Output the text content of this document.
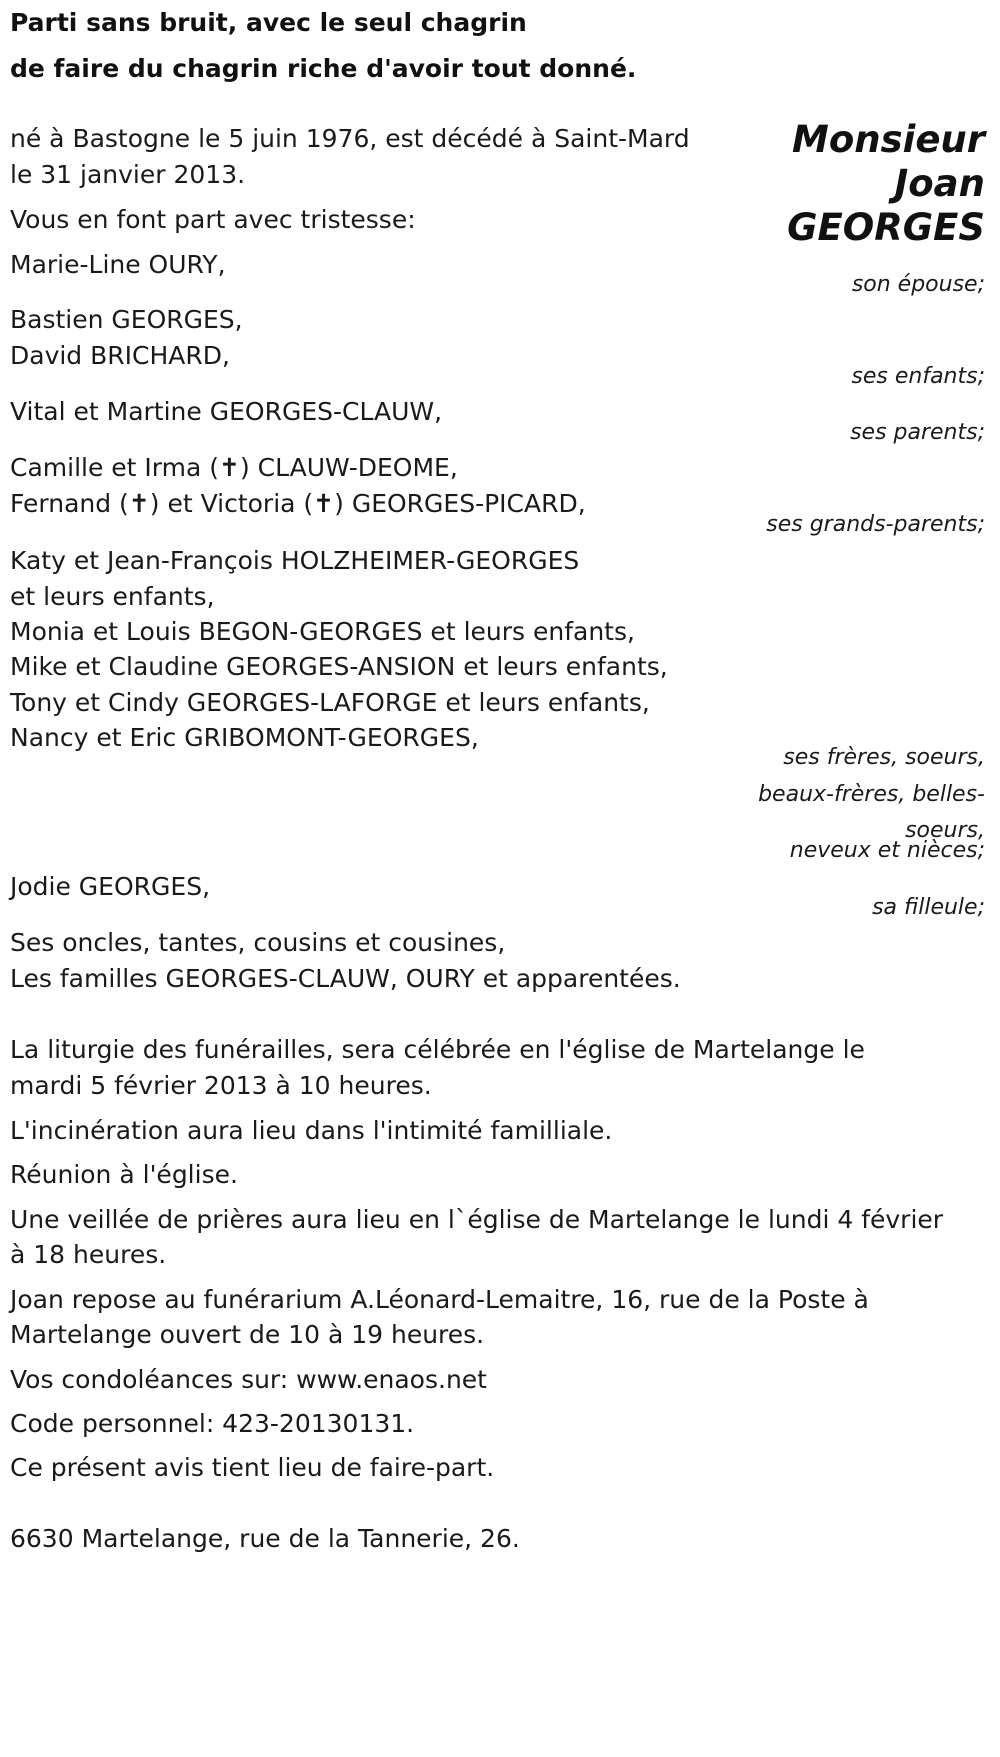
Parti sans bruit, avec le seul chagrin
de faire du chagrin riche d'avoir tout donné.
Monsieur
Joan
GEORGES
né à Bastogne le 5 juin 1976, est décédé à Saint-Mard
le 31 janvier 2013.
Vous en font part avec tristesse:
Marie-Line OURY,
son épouse;
Bastien GEORGES,
David BRICHARD,
ses enfants;
Vital et Martine GEORGES-CLAUW,
ses parents;
Camille et Irma (✝) CLAUW-DEOME,
Fernand (✝) et Victoria (✝) GEORGES-PICARD,
ses grands-parents;
Katy et Jean-François HOLZHEIMER-GEORGES
et leurs enfants,
Monia et Louis BEGON-GEORGES et leurs enfants,
Mike et Claudine GEORGES-ANSION et leurs enfants,
Tony et Cindy GEORGES-LAFORGE et leurs enfants,
Nancy et Eric GRIBOMONT-GEORGES,
ses frères, soeurs,
beaux-frères, belles-
soeurs,
neveux et nièces;
Jodie GEORGES,
sa filleule;
Ses oncles, tantes, cousins et cousines,
Les familles GEORGES-CLAUW, OURY et apparentées.
La liturgie des funérailles, sera célébrée en l'église de Martelange le
mardi 5 février 2013 à 10 heures.
L'incinération aura lieu dans l'intimité familliale.
Réunion à l'église.
Une veillée de prières aura lieu en l`église de Martelange le lundi 4 février
à 18 heures.
Joan repose au funérarium A.Léonard-Lemaitre, 16, rue de la Poste à
Martelange ouvert de 10 à 19 heures.
Vos condoléances sur: www.enaos.net
Code personnel: 423-20130131.
Ce présent avis tient lieu de faire-part.
6630 Martelange, rue de la Tannerie, 26.
